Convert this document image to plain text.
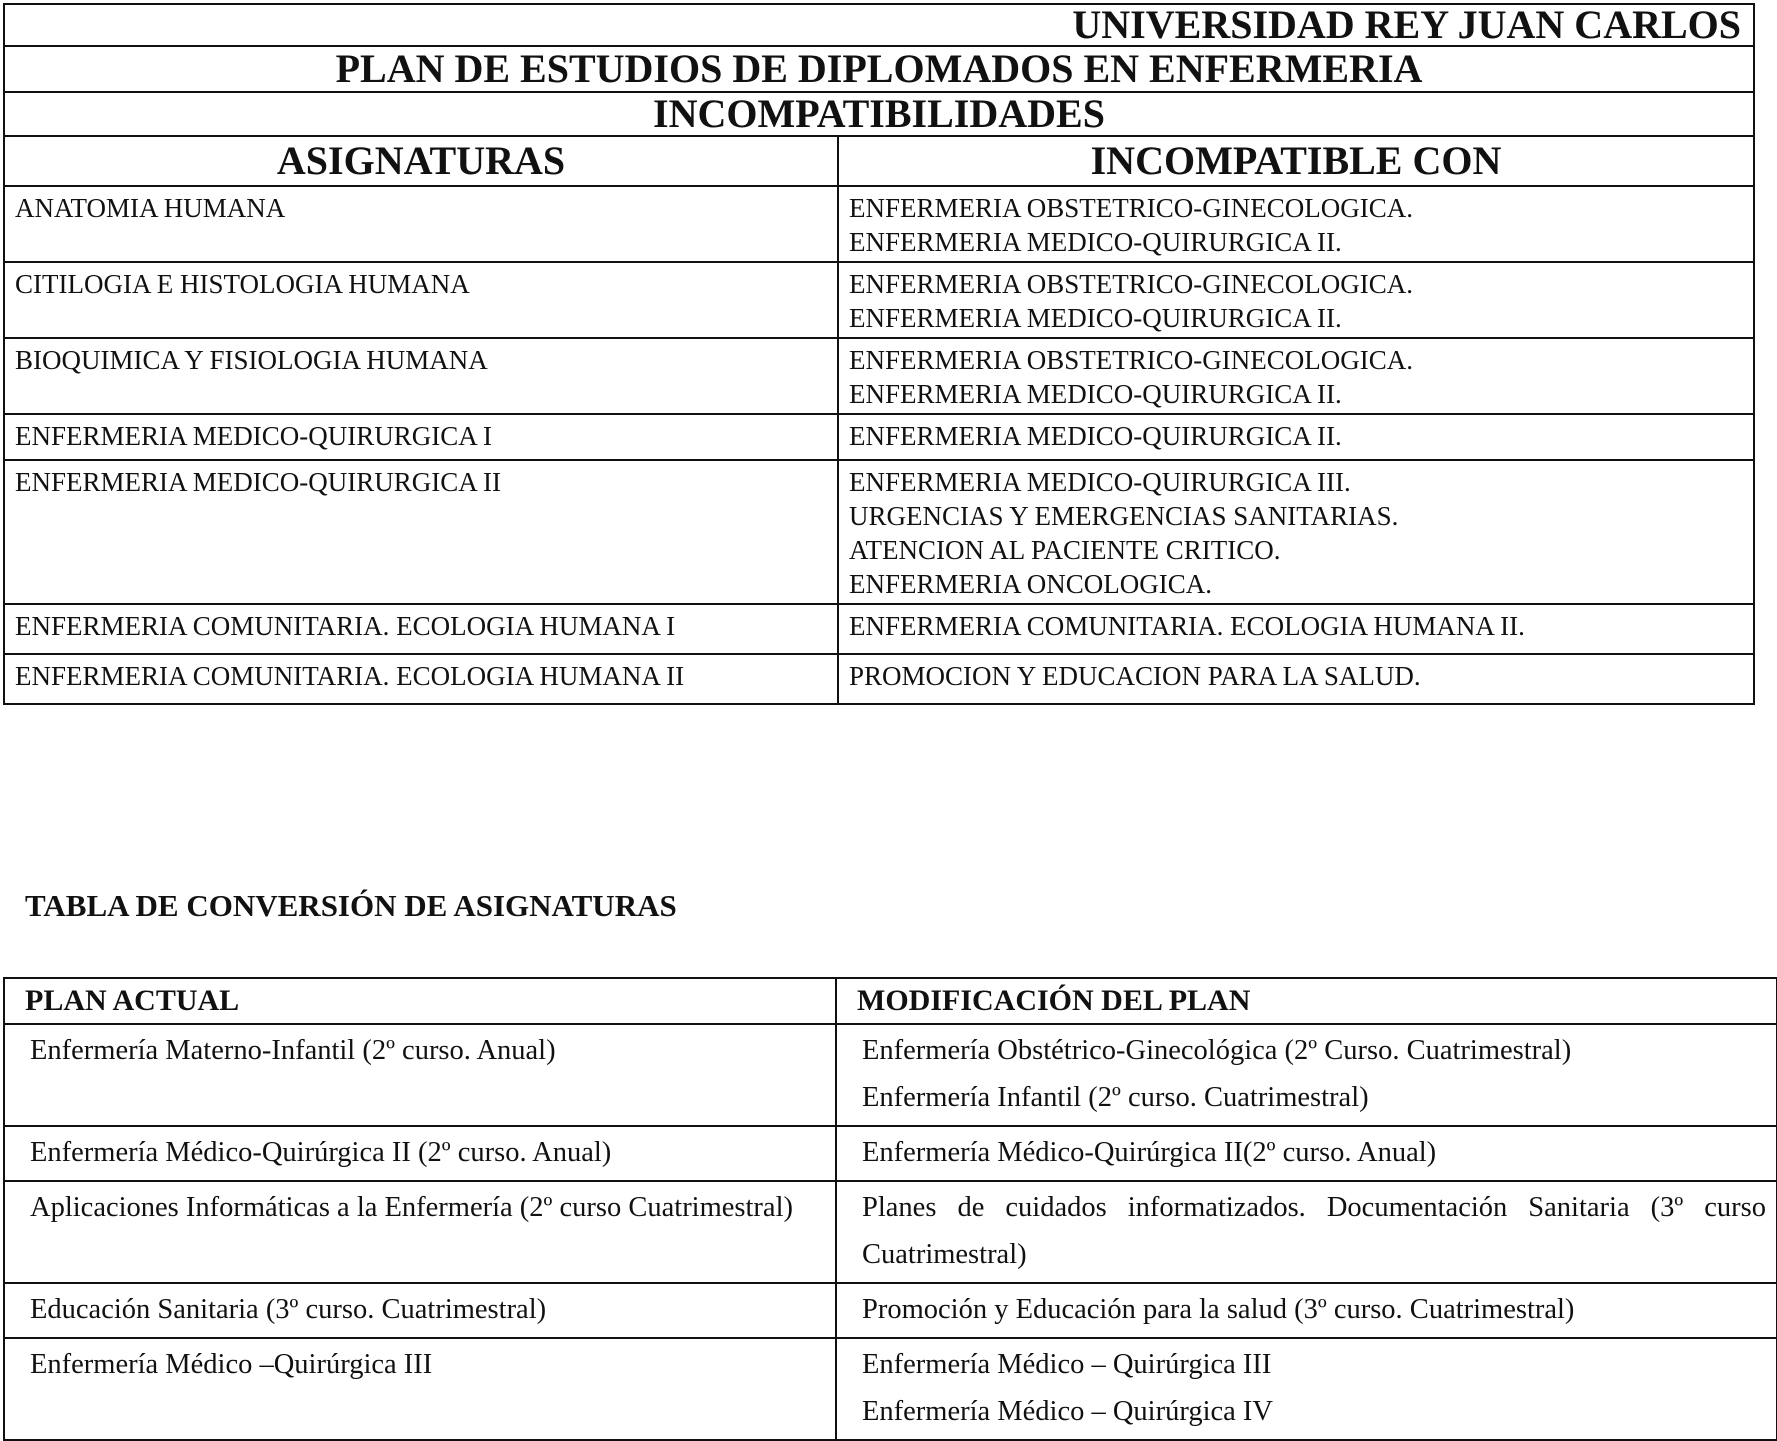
UNIVERSIDAD REY JUAN CARLOS	
PLAN DE ESTUDIOS DE DIPLOMADOS EN ENFERMERIA	
INCOMPATIBILIDADES	
ASIGNATURAS	INCOMPATIBLE CON
ANATOMIA HUMANA	ENFERMERIA OBSTETRICO-GINECOLOGICA.
ENFERMERIA MEDICO-QUIRURGICA II.

CITILOGIA E HISTOLOGIA HUMANA	ENFERMERIA OBSTETRICO-GINECOLOGICA.
ENFERMERIA MEDICO-QUIRURGICA II.

BIOQUIMICA Y FISIOLOGIA HUMANA	ENFERMERIA OBSTETRICO-GINECOLOGICA.
ENFERMERIA MEDICO-QUIRURGICA II.

ENFERMERIA MEDICO-QUIRURGICA I	ENFERMERIA MEDICO-QUIRURGICA II.

ENFERMERIA MEDICO-QUIRURGICA II	ENFERMERIA MEDICO-QUIRURGICA III.
URGENCIAS Y EMERGENCIAS SANITARIAS.
ATENCION AL PACIENTE CRITICO.
ENFERMERIA ONCOLOGICA.

ENFERMERIA COMUNITARIA. ECOLOGIA HUMANA I	ENFERMERIA COMUNITARIA. ECOLOGIA HUMANA II.

ENFERMERIA COMUNITARIA. ECOLOGIA HUMANA II	PROMOCION Y EDUCACION PARA LA SALUD.
TABLA DE CONVERSIÓN DE ASIGNATURAS
PLAN ACTUAL	MODIFICACIÓN DEL PLAN
Enfermería Materno-Infantil (2º curso. Anual)	Enfermería Obstétrico-Ginecológica (2º Curso. Cuatrimestral)
Enfermería Infantil (2º curso. Cuatrimestral)

Enfermería Médico-Quirúrgica II (2º curso. Anual)	Enfermería Médico-Quirúrgica II(2º curso. Anual)

Aplicaciones Informáticas a la Enfermería (2º curso Cuatrimestral)	Planes de cuidados informatizados. Documentación Sanitaria (3º curso Cuatrimestral)
Educación Sanitaria (3º curso. Cuatrimestral)	Promoción y Educación para la salud (3º curso. Cuatrimestral)

Enfermería Médico –Quirúrgica III	Enfermería Médico – Quirúrgica III
Enfermería Médico – Quirúrgica IV
